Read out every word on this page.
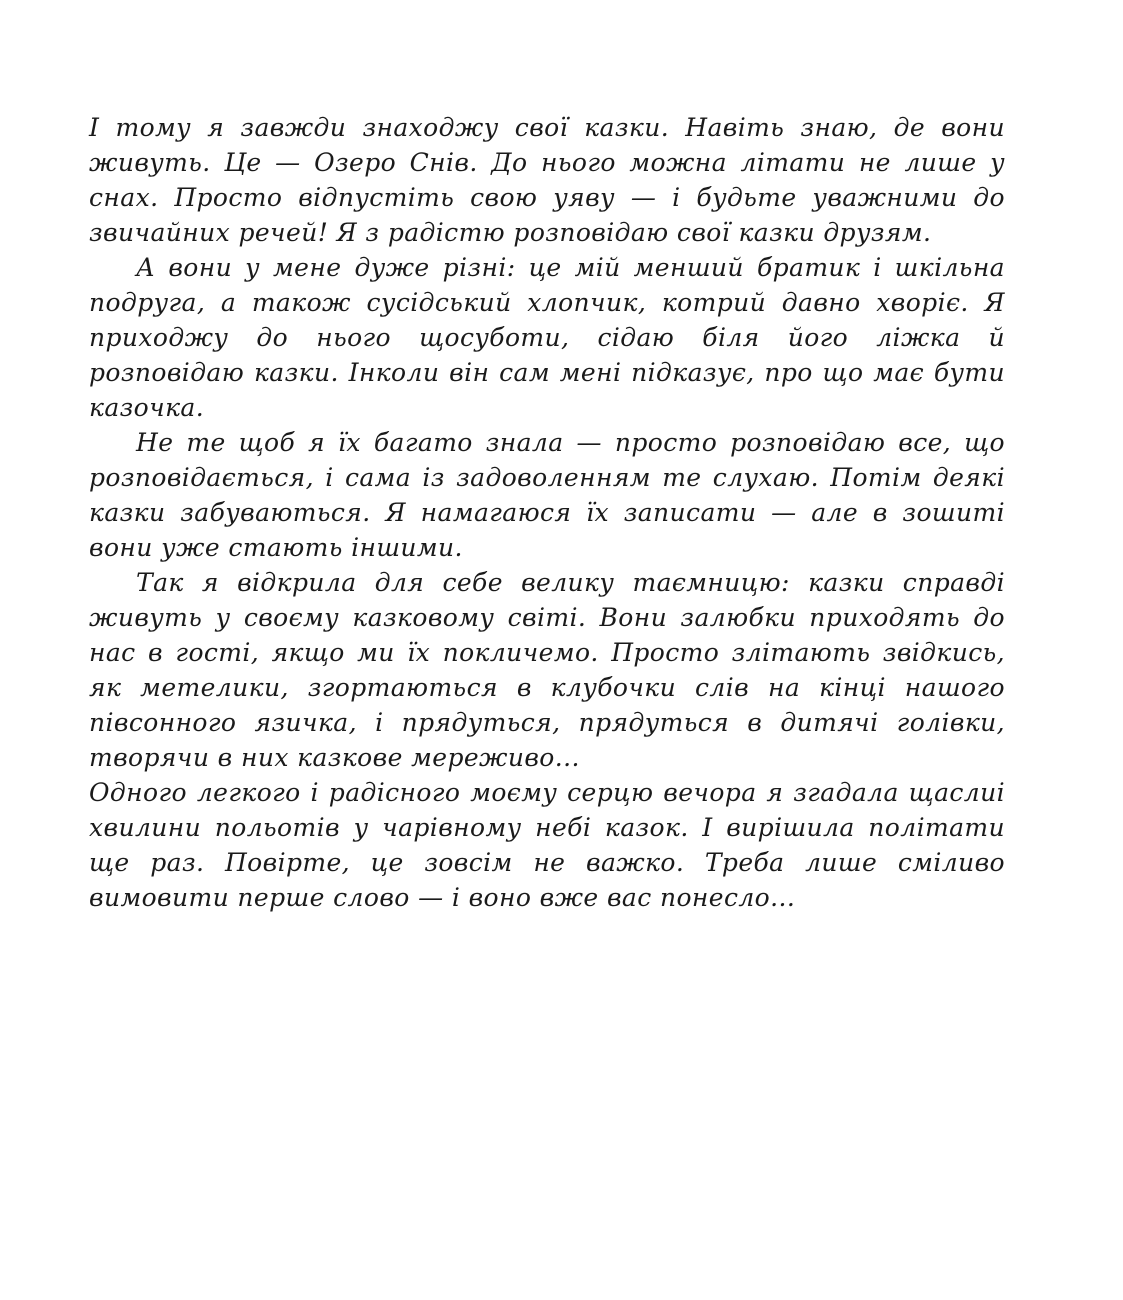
І тому я завжди знаходжу свої казки. Навіть знаю, де вони живуть. Це — Озеро Снів. До нього можна літати не лише у снах. Просто відпустіть свою уяву — і будьте уважними до звичайних речей! Я з радістю розповідаю свої казки друзям.

А вони у мене дуже різні: це мій менший братик і шкільна подруга, а також сусідський хлопчик, котрий давно хворіє. Я приходжу до нього щосуботи, сідаю біля його ліжка й розповідаю казки. Інколи він сам мені підказує, про що має бути казочка.

Не те щоб я їх багато знала — просто розповідаю все, що розповідається, і сама із задоволенням те слухаю. Потім деякі казки забуваються. Я намагаюся їх записати — але в зошиті вони уже стають іншими.

Так я відкрила для себе велику таємницю: казки справді живуть у своєму казковому світі. Вони залюбки приходять до нас в гості, якщо ми їх покличемо. Просто злітають звідкись, як метелики, згортаються в клубочки слів на кінці нашого півсонного язичка, і прядуться, прядуться в дитячі голівки, творячи в них казкове мереживо...

Одного легкого і радісного моєму серцю вечора я згадала щаслиі хвилини польотів у чарівному небі казок. І вирішила політати ще раз. Повірте, це зовсім не важко. Треба лише сміливо вимовити перше слово — і воно вже вас понесло...
